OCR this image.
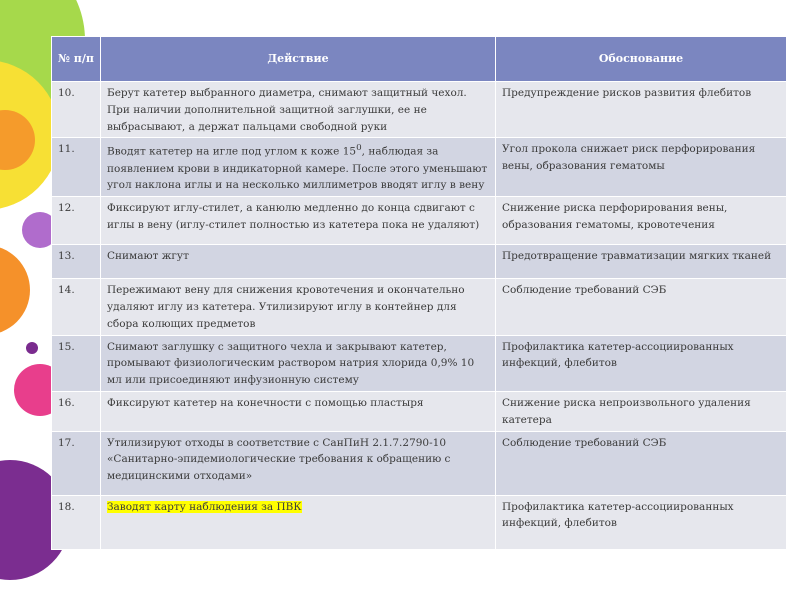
№ п/п	Действие	Обоснование
10.	Берут катетер выбранного диаметра, снимают защитный чехол. При наличии дополнительной защитной заглушки, ее не выбрасывают, а держат пальцами свободной руки	Предупреждение рисков развития флебитов
11.	Вводят катетер на игле под углом к коже $15^0$, наблюдая за появлением крови в индикаторной камере. После этого уменьшают угол наклона иглы и на несколько миллиметров вводят иглу в вену	Угол прокола снижает риск перфорирования вены, образования гематомы
12.	Фиксируют иглу-стилет, а канюлю медленно до конца сдвигают с иглы в вену (иглу-стилет полностью из катетера пока не удаляют)	Снижение риска перфорирования вены, образования гематомы, кровотечения
13.	Снимают жгут	Предотвращение травматизации мягких тканей
14.	Пережимают вену для снижения кровотечения и окончательно удаляют иглу из катетера. Утилизируют иглу в контейнер для сбора колющих предметов	Соблюдение требований СЭБ
15.	Снимают заглушку с защитного чехла и закрывают катетер, промывают физиологическим раствором натрия хлорида 0,9% 10 мл или присоединяют инфузионную систему	Профилактика катетер-ассоциированных инфекций, флебитов
16.	Фиксируют катетер на конечности с помощью пластыря	Снижение риска непроизвольного удаления катетера
17.	Утилизируют отходы в соответствие с СанПиН 2.1.7.2790-10 «Санитарно-эпидемиологические требования к обращению с медицинскими отходами»	Соблюдение требований СЭБ
18.	Заводят карту наблюдения за ПВК	Профилактика катетер-ассоциированных инфекций, флебитов
